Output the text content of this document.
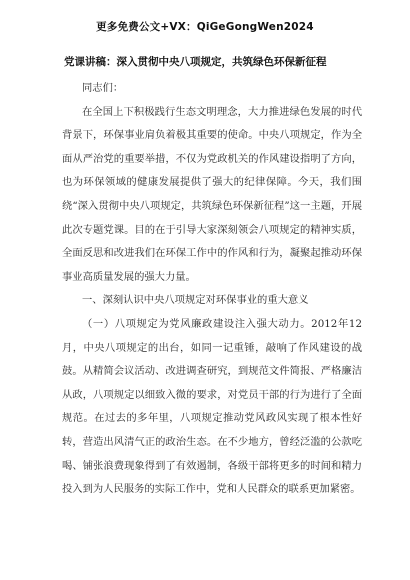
更多免费公文+VX：QiGeGongWen2024
党课讲稿：深入贯彻中央八项规定，共筑绿色环保新征程

同志们：

在全国上下积极践行生态文明理念，大力推进绿色发展的时代背景下，环保事业肩负着极其重要的使命。中央八项规定，作为全面从严治党的重要举措，不仅为党政机关的作风建设指明了方向，也为环保领域的健康发展提供了强大的纪律保障。今天，我们围绕“深入贯彻中央八项规定，共筑绿色环保新征程”这一主题，开展此次专题党课。目的在于引导大家深刻领会八项规定的精神实质，全面反思和改进我们在环保工作中的作风和行为，凝聚起推动环保事业高质量发展的强大力量。

一、深刻认识中央八项规定对环保事业的重大意义

（一）八项规定为党风廉政建设注入强大动力。2012年12月，中央八项规定的出台，如同一记重锤，敲响了作风建设的战鼓。从精简会议活动、改进调查研究，到规范文件简报、严格廉洁从政，八项规定以细致入微的要求，对党员干部的行为进行了全面规范。在过去的多年里，八项规定推动党风政风实现了根本性好转，营造出风清气正的政治生态。在不少地方，曾经泛滥的公款吃喝、铺张浪费现象得到了有效遏制，各级干部将更多的时间和精力投入到为人民服务的实际工作中，党和人民群众的联系更加紧密。
